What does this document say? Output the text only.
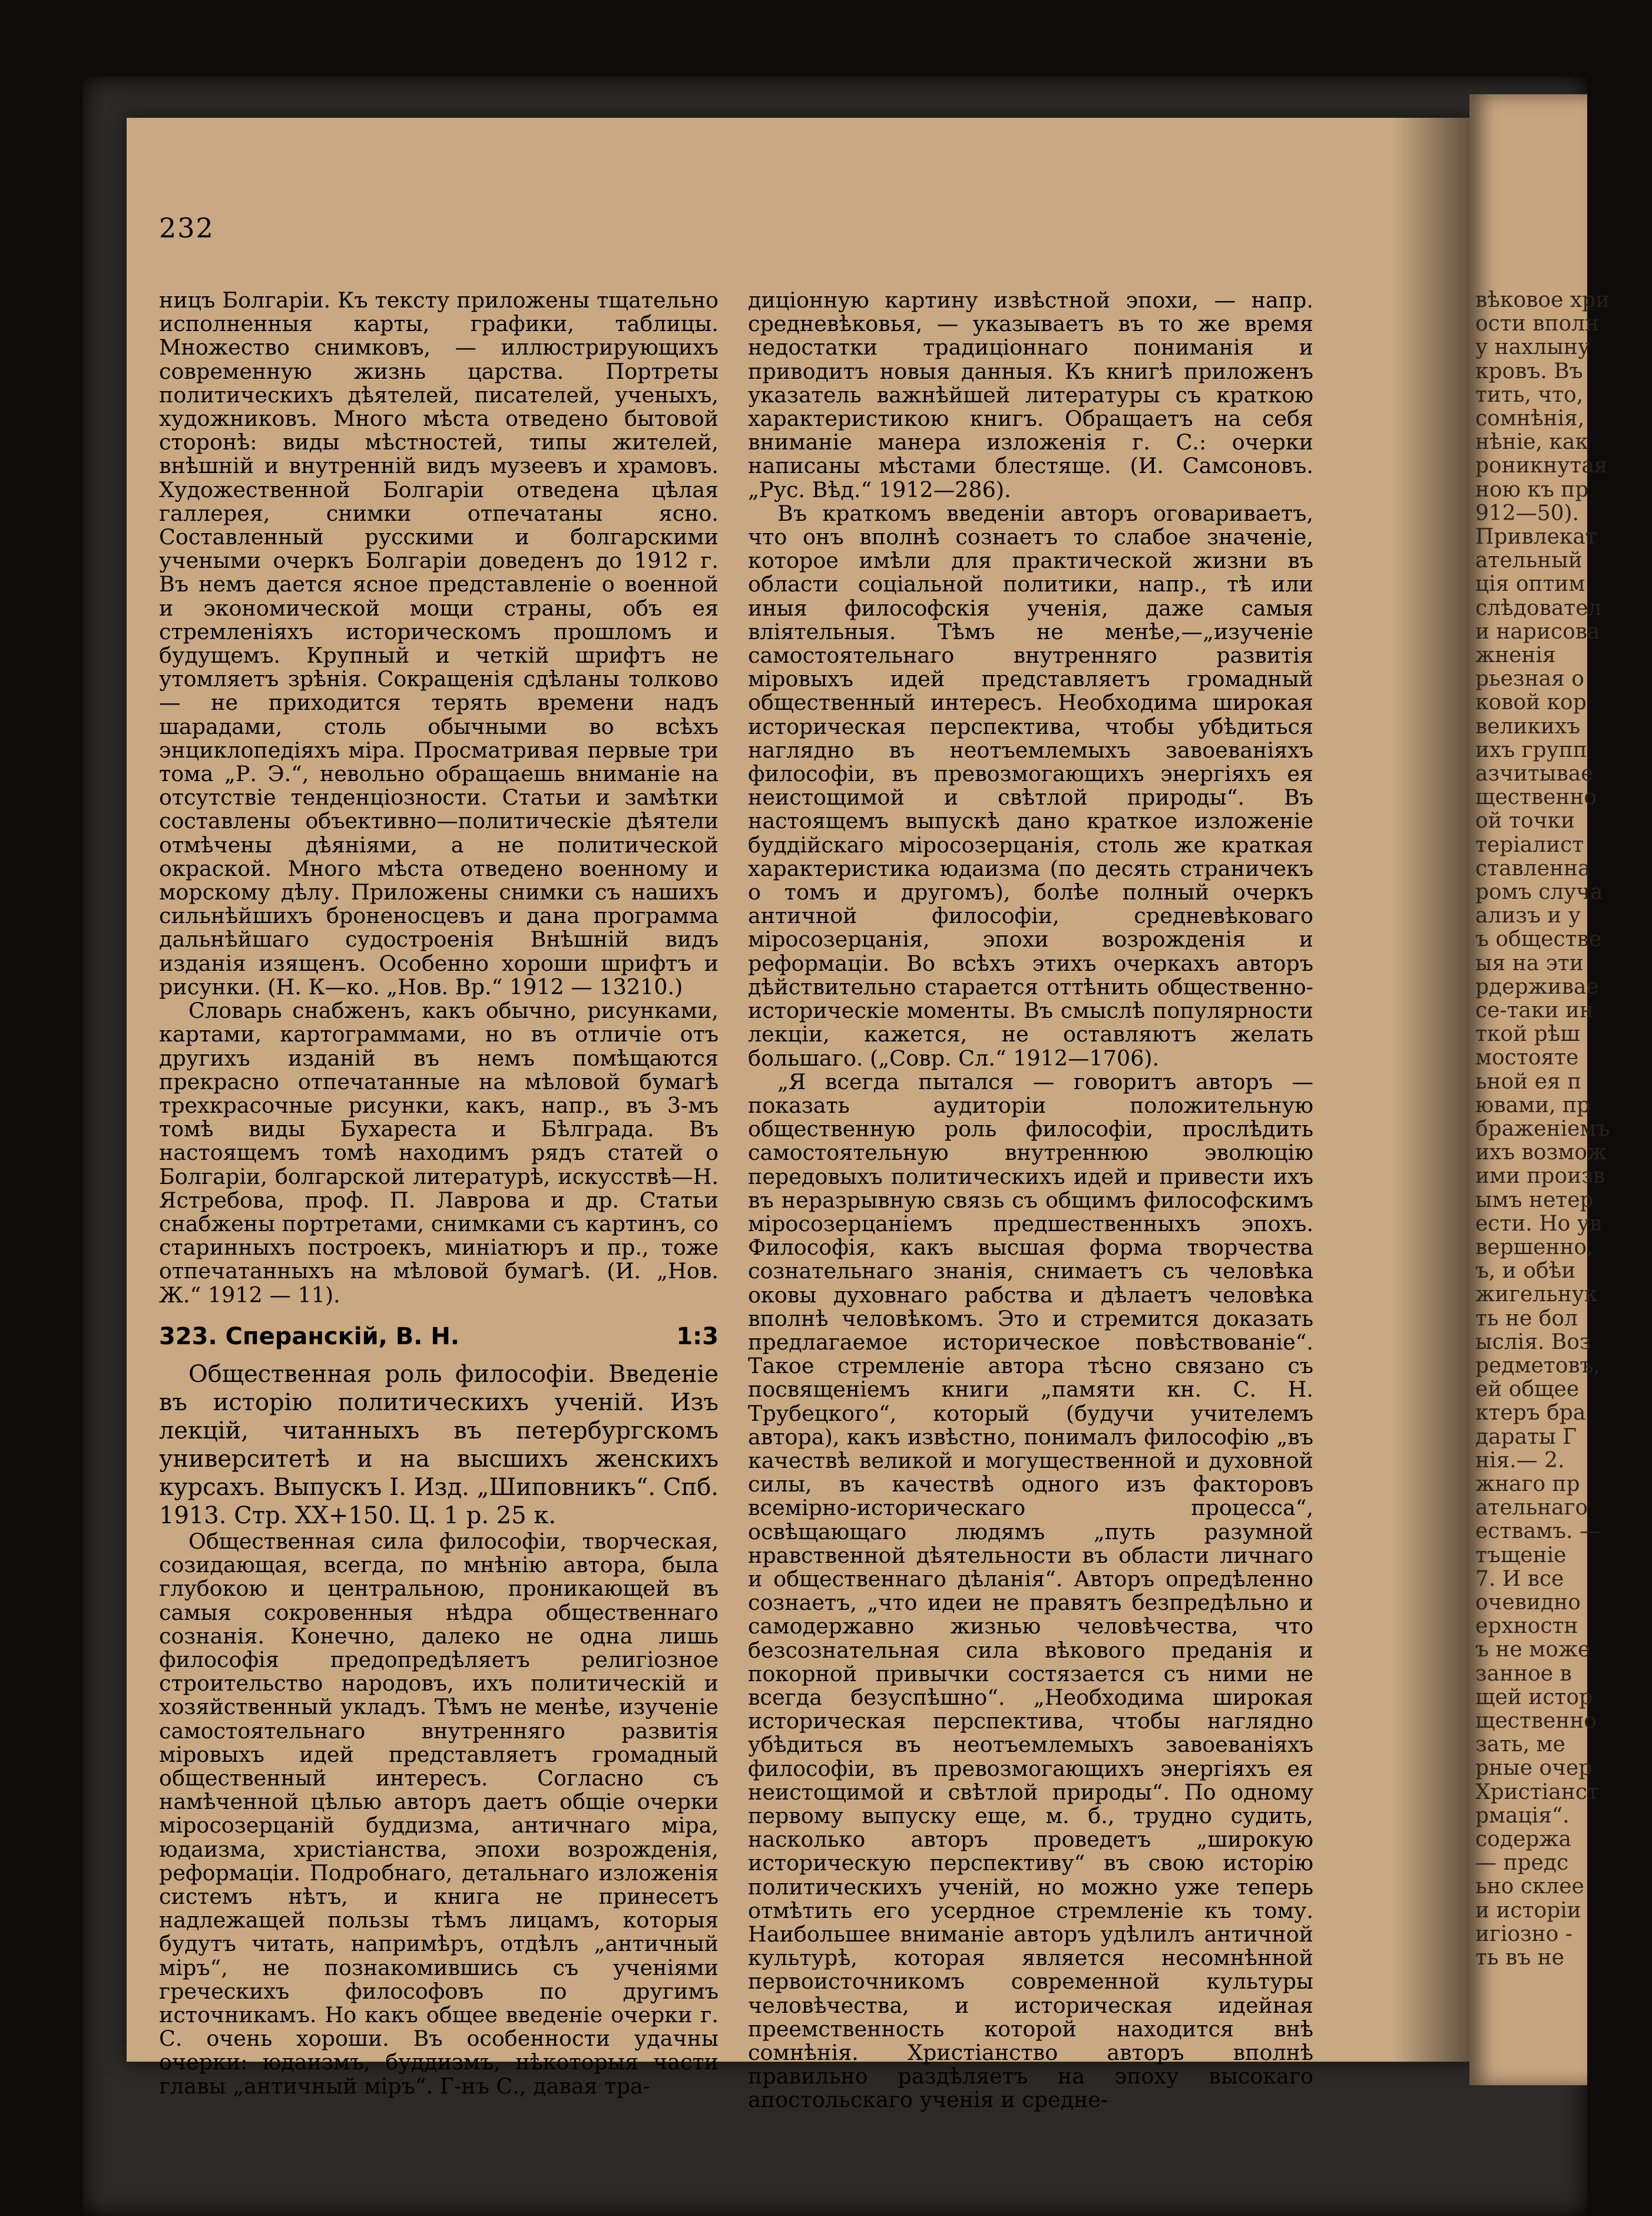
232

ницъ Болгаріи. Къ тексту приложены тщательно исполненныя карты, графики, таблицы. Множество снимковъ, — иллюстрирующихъ современную жизнь царства. Портреты политическихъ дѣятелей, писателей, ученыхъ, художниковъ. Много мѣста отведено бытовой сторонѣ: виды мѣстностей, типы жителей, внѣшній и внутренній видъ музеевъ и храмовъ. Художественной Болгаріи отведена цѣлая галлерея, снимки отпечатаны ясно. Составленный русскими и болгарскими учеными очеркъ Болгаріи доведенъ до 1912 г. Въ немъ дается ясное представленіе о военной и экономической мощи страны, объ ея стремленіяхъ историческомъ прошломъ и будущемъ. Крупный и четкій шрифтъ не утомляетъ зрѣнія. Сокращенія сдѣланы толково — не приходится терять времени надъ шарадами, столь обычными во всѣхъ энциклопедіяхъ міра. Просматривая первые три тома „Р. Э.“, невольно обращаешь вниманіе на отсутствіе тенденціозности. Статьи и замѣтки составлены объективно—политическіе дѣятели отмѣчены дѣяніями, а не политической окраской. Много мѣста отведено военному и морскому дѣлу. Приложены снимки съ нашихъ сильнѣйшихъ броненосцевъ и дана программа дальнѣйшаго судостроенія Внѣшній видъ изданія изященъ. Особенно хороши шрифтъ и рисунки. (Н. К—ко. „Нов. Вр.“ 1912 — 13210.)

Словарь снабженъ, какъ обычно, рисунками, картами, картограммами, но въ отличіе отъ другихъ изданій въ немъ помѣщаются прекрасно отпечатанные на мѣловой бумагѣ трехкрасочные рисунки, какъ, напр., въ 3-мъ томѣ виды Бухареста и Бѣлграда. Въ настоящемъ томѣ находимъ рядъ статей о Болгаріи, болгарской литературѣ, искусствѣ—Н. Ястребова, проф. П. Лаврова и др. Статьи снабжены портретами, снимками съ картинъ, со старинныхъ построекъ, миніатюръ и пр., тоже отпечатанныхъ на мѣловой бумагѣ. (И. „Нов. Ж.“ 1912 — 11).

323. Сперанскій, В. Н.	1:3

Общественная роль философіи. Введеніе въ исторію политическихъ ученій. Изъ лекцій, читанныхъ въ петербургскомъ университетѣ и на высшихъ женскихъ курсахъ. Выпускъ I. Изд. „Шиповникъ“. Спб. 1913. Стр. XX+150. Ц. 1 р. 25 к.

Общественная сила философіи, творческая, созидающая, всегда, по мнѣнію автора, была глубокою и центральною, проникающей въ самыя сокровенныя нѣдра общественнаго сознанія. Конечно, далеко не одна лишь философія предопредѣляетъ религіозное строительство народовъ, ихъ политическій и хозяйственный укладъ. Тѣмъ не менѣе, изученіе самостоятельнаго внутренняго развитія міровыхъ идей представляетъ громадный общественный интересъ. Согласно съ намѣченной цѣлью авторъ даетъ общіе очерки міросозерцаній буддизма, античнаго міра, юдаизма, христіанства, эпохи возрожденія, реформаціи. Подробнаго, детальнаго изложенія системъ нѣтъ, и книга не принесетъ надлежащей пользы тѣмъ лицамъ, которыя будутъ читать, напримѣръ, отдѣлъ „античный міръ“, не познакомившись съ ученіями греческихъ философовъ по другимъ источникамъ. Но какъ общее введеніе очерки г. С. очень хороши. Въ особенности удачны очерки: юдаизмъ, буддизмъ, нѣкоторыя части главы „античный міръ“. Г-нъ С., давая тра-

диціонную картину извѣстной эпохи, — напр. средневѣковья, — указываетъ въ то же время недостатки традиціоннаго пониманія и приводитъ новыя данныя. Къ книгѣ приложенъ указатель важнѣйшей литературы съ краткою характеристикою книгъ. Обращаетъ на себя вниманіе манера изложенія г. С.: очерки написаны мѣстами блестяще. (И. Самсоновъ. „Рус. Вѣд.“ 1912—286).

Въ краткомъ введеніи авторъ оговариваетъ, что онъ вполнѣ сознаетъ то слабое значеніе, которое имѣли для практической жизни въ области соціальной политики, напр., тѣ или иныя философскія ученія, даже самыя вліятельныя. Тѣмъ не менѣе,—„изученіе самостоятельнаго внутренняго развитія міровыхъ идей представляетъ громадный общественный интересъ. Необходима широкая историческая перспектива, чтобы убѣдиться наглядно въ неотъемлемыхъ завоеваніяхъ философіи, въ превозмогающихъ энергіяхъ ея неистощимой и свѣтлой природы“. Въ настоящемъ выпускѣ дано краткое изложеніе буддійскаго міросозерцанія, столь же краткая характеристика юдаизма (по десять страничекъ о томъ и другомъ), болѣе полный очеркъ античной философіи, средневѣковаго міросозерцанія, эпохи возрожденія и реформаціи. Во всѣхъ этихъ очеркахъ авторъ дѣйствительно старается оттѣнить общественно-историческіе моменты. Въ смыслѣ популярности лекціи, кажется, не оставляютъ желать большаго. („Совр. Сл.“ 1912—1706).

„Я всегда пытался — говоритъ авторъ — показать аудиторіи положительную общественную роль философіи, прослѣдить самостоятельную внутреннюю эволюцію передовыхъ политическихъ идей и привести ихъ въ неразрывную связь съ общимъ философскимъ міросозерцаніемъ предшественныхъ эпохъ. Философія, какъ высшая форма творчества сознательнаго знанія, снимаетъ съ человѣка оковы духовнаго рабства и дѣлаетъ человѣка вполнѣ человѣкомъ. Это и стремится доказать предлагаемое историческое повѣствованіе“. Такое стремленіе автора тѣсно связано съ посвященіемъ книги „памяти кн. С. Н. Трубецкого“, который (будучи учителемъ автора), какъ извѣстно, понималъ философію „въ качествѣ великой и могущественной и духовной силы, въ качествѣ одного изъ факторовъ всемірно-историческаго процесса“, освѣщающаго людямъ „путь разумной нравственной дѣятельности въ области личнаго и общественнаго дѣланія“. Авторъ опредѣленно сознаетъ, „что идеи не правятъ безпредѣльно и самодержавно жизнью человѣчества, что безсознательная сила вѣкового преданія и покорной привычки состязается съ ними не всегда безуспѣшно“. „Необходима широкая историческая перспектива, чтобы наглядно убѣдиться въ неотъемлемыхъ завоеваніяхъ философіи, въ превозмогающихъ энергіяхъ ея неистощимой и свѣтлой природы“. По одному первому выпуску еще, м. б., трудно судить, насколько авторъ проведетъ „широкую историческую перспективу“ въ свою исторію политическихъ ученій, но можно уже теперь отмѣтить его усердное стремленіе къ тому. Наибольшее вниманіе авторъ удѣлилъ античной культурѣ, которая является несомнѣнной первоисточникомъ современной культуры человѣчества, и историческая идейная преемственность которой находится внѣ сомнѣнія. Христіанство авторъ вполнѣ правильно раздѣляетъ на эпоху высокаго апостольскаго ученія и средне-

вѣковое хри
ости вполн
у нахлыну
кровъ. Въ
тить, что,
сомнѣнія,
нѣніе, как
роникнутая
ною къ пр
912—50).
Привлекат
ательный
ція оптим
слѣдовател
и нарисова
жненія
рьезная о
ковой кор
великихъ
ихъ групп
азчитывае
щественно
ой точки
теріалист
ставленна
ромъ случа
ализъ и у
ъ обществе
ыя на эти
рдерживае
се-таки ин
ткой рѣш
мостояте
ьной ея п
ювами, пр
браженіемъ
ихъ возмож
ими произв
ымъ нетер
ести. Но ув
вершенно,
ъ, и обѣи
жигельнук
ть не бол
ыслія. Воз
редметовъ,
ей общее
ктеръ бра
дараты Г
нія.— 2.
жнаго пр
ательнаго
ествамъ. —
тъщеніе
7. И все
очевидно
ерхностн
ъ не може
занное в
щей истор
щественно
зать, ме
рные очер
Христіанст
рмація“.
содержа
— предс
ьно склее
и исторіи
игіозно -
ть въ не
